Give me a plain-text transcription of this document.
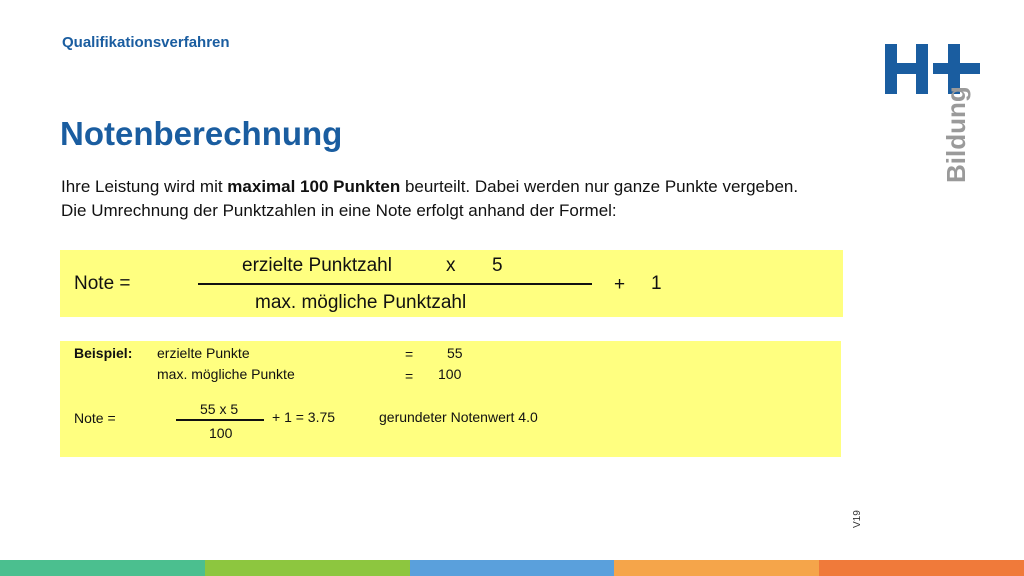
Qualifikationsverfahren
Notenberechnung
Ihre Leistung wird mit maximal 100 Punkten beurteilt. Dabei werden nur ganze Punkte vergeben. Die Umrechnung der Punktzahlen in eine Note erfolgt anhand der Formel:
Bildung
Note =
erzielte Punktzahl	x 5
max. mögliche Punktzahl
+ 1
Beispiel: erzielte Punkte	= 55
max. mögliche Punkte	= 100
Note =
55 x 5
100
+ 1 = 3.75	gerundeter Notenwert 4.0
V19
